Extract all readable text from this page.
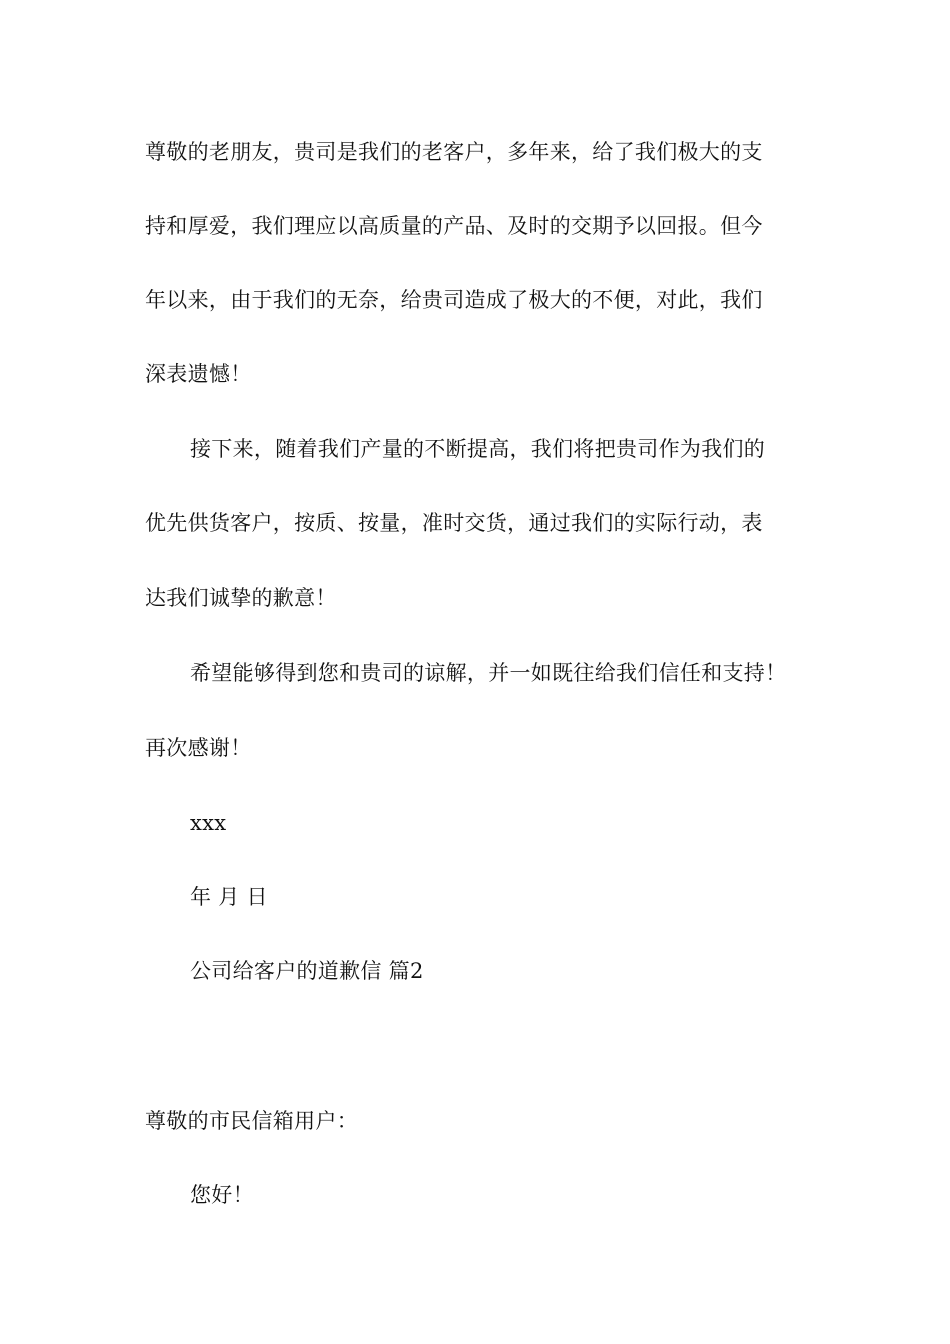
尊敬的老朋友，贵司是我们的老客户，多年来，给了我们极大的支
持和厚爱，我们理应以高质量的产品、及时的交期予以回报。但今
年以来，由于我们的无奈，给贵司造成了极大的不便，对此，我们
深表遗憾！
接下来，随着我们产量的不断提高，我们将把贵司作为我们的
优先供货客户，按质、按量，准时交货，通过我们的实际行动，表
达我们诚挚的歉意！
希望能够得到您和贵司的谅解，并一如既往给我们信任和支持！
再次感谢！
xxx
年 月 日
公司给客户的道歉信 篇2
尊敬的市民信箱用户：
您好！
